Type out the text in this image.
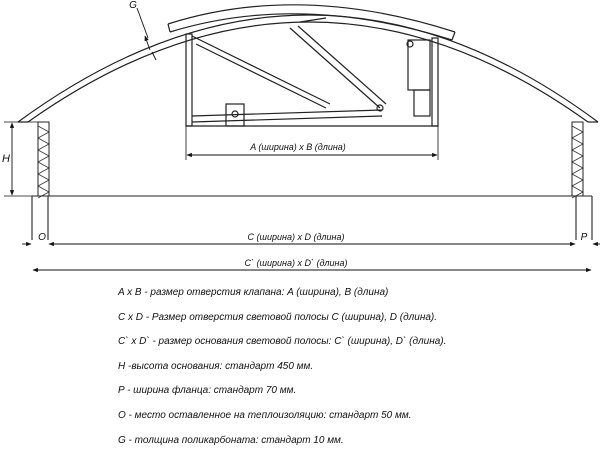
H
A (ширина) x B (длина)
C (ширина) x D (длина)
O	P
C` (ширина) x D` (длина)
G
A x B - размер отверстия клапана: A (ширина), B (длина)
C x D - Размер отверстия световой полосы C (ширина), D (длина).
C` x D` - размер основания световой полосы: C` (ширина), D` (длина).
H -высота основания: стандарт 450 мм.
P - ширина фланца: стандарт 70 мм.
O - место оставленное на теплоизоляцию: стандарт 50 мм.
G - толщина поликарбоната: стандарт 10 мм.
